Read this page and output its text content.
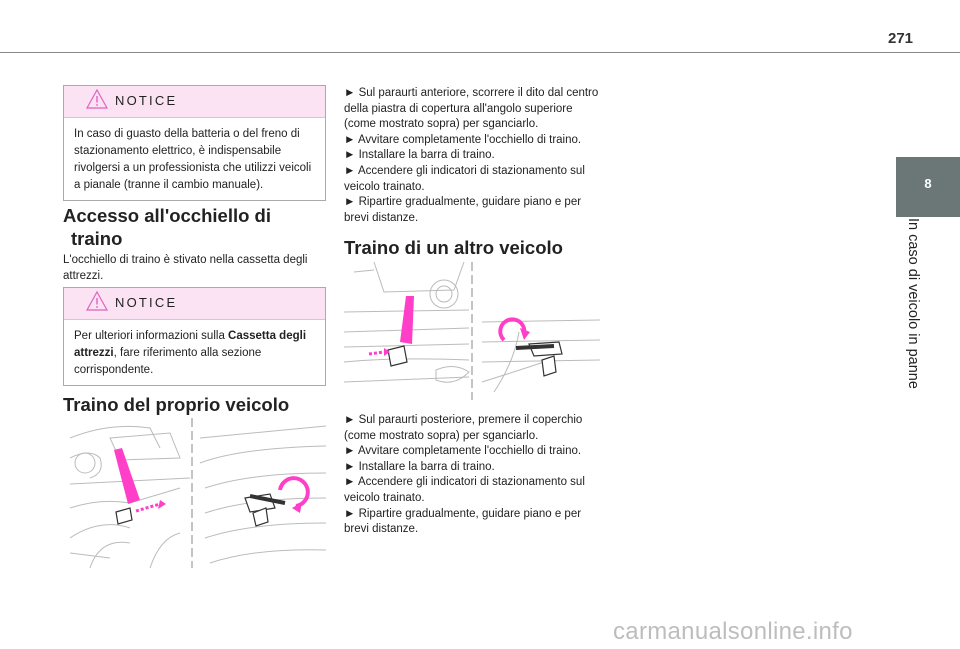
271
8
In caso di veicolo in panne
NOTICE
In caso di guasto della batteria o del freno di stazionamento elettrico, è indispensabile rivolgersi a un professionista che utilizzi veicoli a pianale (tranne il cambio manuale).
Accesso all'occhiello di
traino
L'occhiello di traino è stivato nella cassetta degli attrezzi.
NOTICE
Per ulteriori informazioni sulla Cassetta degli attrezzi, fare riferimento alla sezione corrispondente.
Traino del proprio veicolo

► Sul paraurti anteriore, scorrere il dito dal centro della piastra di copertura all'angolo superiore (come mostrato sopra) per sganciarlo.

► Avvitare completamente l'occhiello di traino.

► Installare la barra di traino.

► Accendere gli indicatori di stazionamento sul veicolo trainato.

► Ripartire gradualmente, guidare piano e per brevi distanze.

Traino di un altro veicolo

► Sul paraurti posteriore, premere il coperchio (come mostrato sopra) per sganciarlo.

► Avvitare completamente l'occhiello di traino.

► Installare la barra di traino.

► Accendere gli indicatori di stazionamento sul veicolo trainato.

► Ripartire gradualmente, guidare piano e per brevi distanze.

carmanualsonline.info
